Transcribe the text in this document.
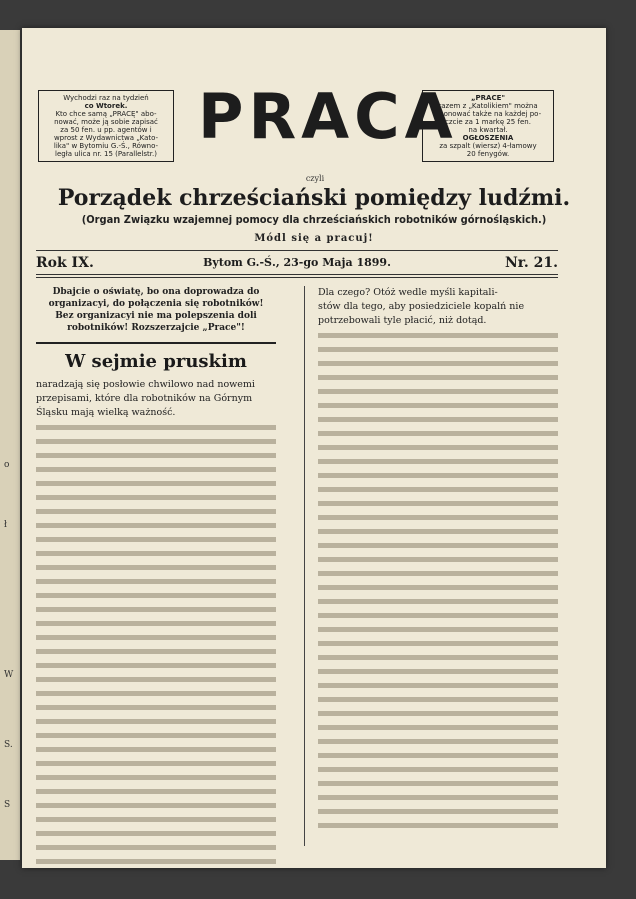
o
ł
W
S.
S
Wychodzi raz na tydzień
co Wtorek.
Kto chce samą „PRACĘ" abo-
nować, może ją sobie zapisać
za 50 fen. u pp. agentów i
wprost z Wydawnictwa „Kato-
lika" w Bytomiu G.-Ś., Równo-
legła ulica nr. 15 (Parallelstr.)
„PRACE"
razem z „Katolikiem" można
abonować także na każdej po-
czcie za 1 markę 25 fen.
na kwartał.
OGŁOSZENIA
za szpalt (wiersz) 4-łamowy
20 fenygów.
PRACA
czyli
Porządek chrześciański pomiędzy ludźmi.
(Organ Związku wzajemnej pomocy dla chrześciańskich robotników górnośląskich.)
Módl się a pracuj!
Rok IX.	Bytom G.-Ś., 23-go Maja 1899.	Nr. 21.
Dbajcie o oświatę, bo ona doprowadza do organizacyi, do połączenia się robotników! Bez organizacyi nie ma polepszenia doli robotników! Rozszerzajcie „Prace"!
W sejmie pruskim
naradzają się posłowie chwilowo nad nowemi
przepisami, które dla robotników na Górnym
Śląsku mają wielką ważność.
Dla czego? Otóż wedle myśli kapitali-
stów dla tego, aby posiedziciele kopalń nie
potrzebowali tyle płacić, niż dotąd.
